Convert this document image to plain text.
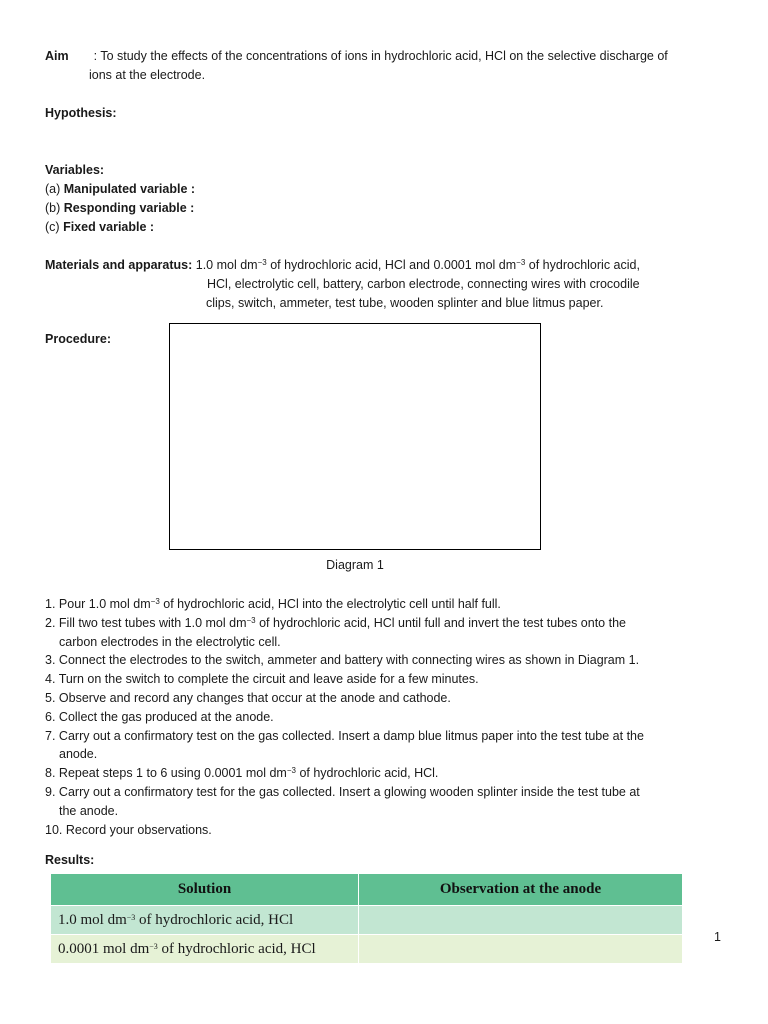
Aim : To study the effects of the concentrations of ions in hydrochloric acid, HCl on the selective discharge of
ions at the electrode.
Hypothesis:
Variables:
(a) Manipulated variable :
(b) Responding variable :
(c) Fixed variable :
Materials and apparatus: 1.0 mol $dm^{-3}$ of hydrochloric acid, HCl and 0.0001 mol $dm^{-3}$ of hydrochloric acid,
HCl, electrolytic cell, battery, carbon electrode, connecting wires with crocodile
clips, switch, ammeter, test tube, wooden splinter and blue litmus paper.
Procedure:
Diagram 1
1. Pour 1.0 mol $dm^{-3}$ of hydrochloric acid, HCl into the electrolytic cell until half full.
2. Fill two test tubes with 1.0 mol $dm^{-3}$ of hydrochloric acid, HCl until full and invert the test tubes onto the
carbon electrodes in the electrolytic cell.
3. Connect the electrodes to the switch, ammeter and battery with connecting wires as shown in Diagram 1.
4. Turn on the switch to complete the circuit and leave aside for a few minutes.
5. Observe and record any changes that occur at the anode and cathode.
6. Collect the gas produced at the anode.
7. Carry out a confirmatory test on the gas collected. Insert a damp blue litmus paper into the test tube at the
anode.
8. Repeat steps 1 to 6 using 0.0001 mol $dm^{-3}$ of hydrochloric acid, HCl.
9. Carry out a confirmatory test for the gas collected. Insert a glowing wooden splinter inside the test tube at
the anode.
10. Record your observations.
Results:
Solution	Observation at the anode
1.0 mol $dm^{-3}$ of hydrochloric acid, HCl	
0.0001 mol $dm^{-3}$ of hydrochloric acid, HCl	
1
